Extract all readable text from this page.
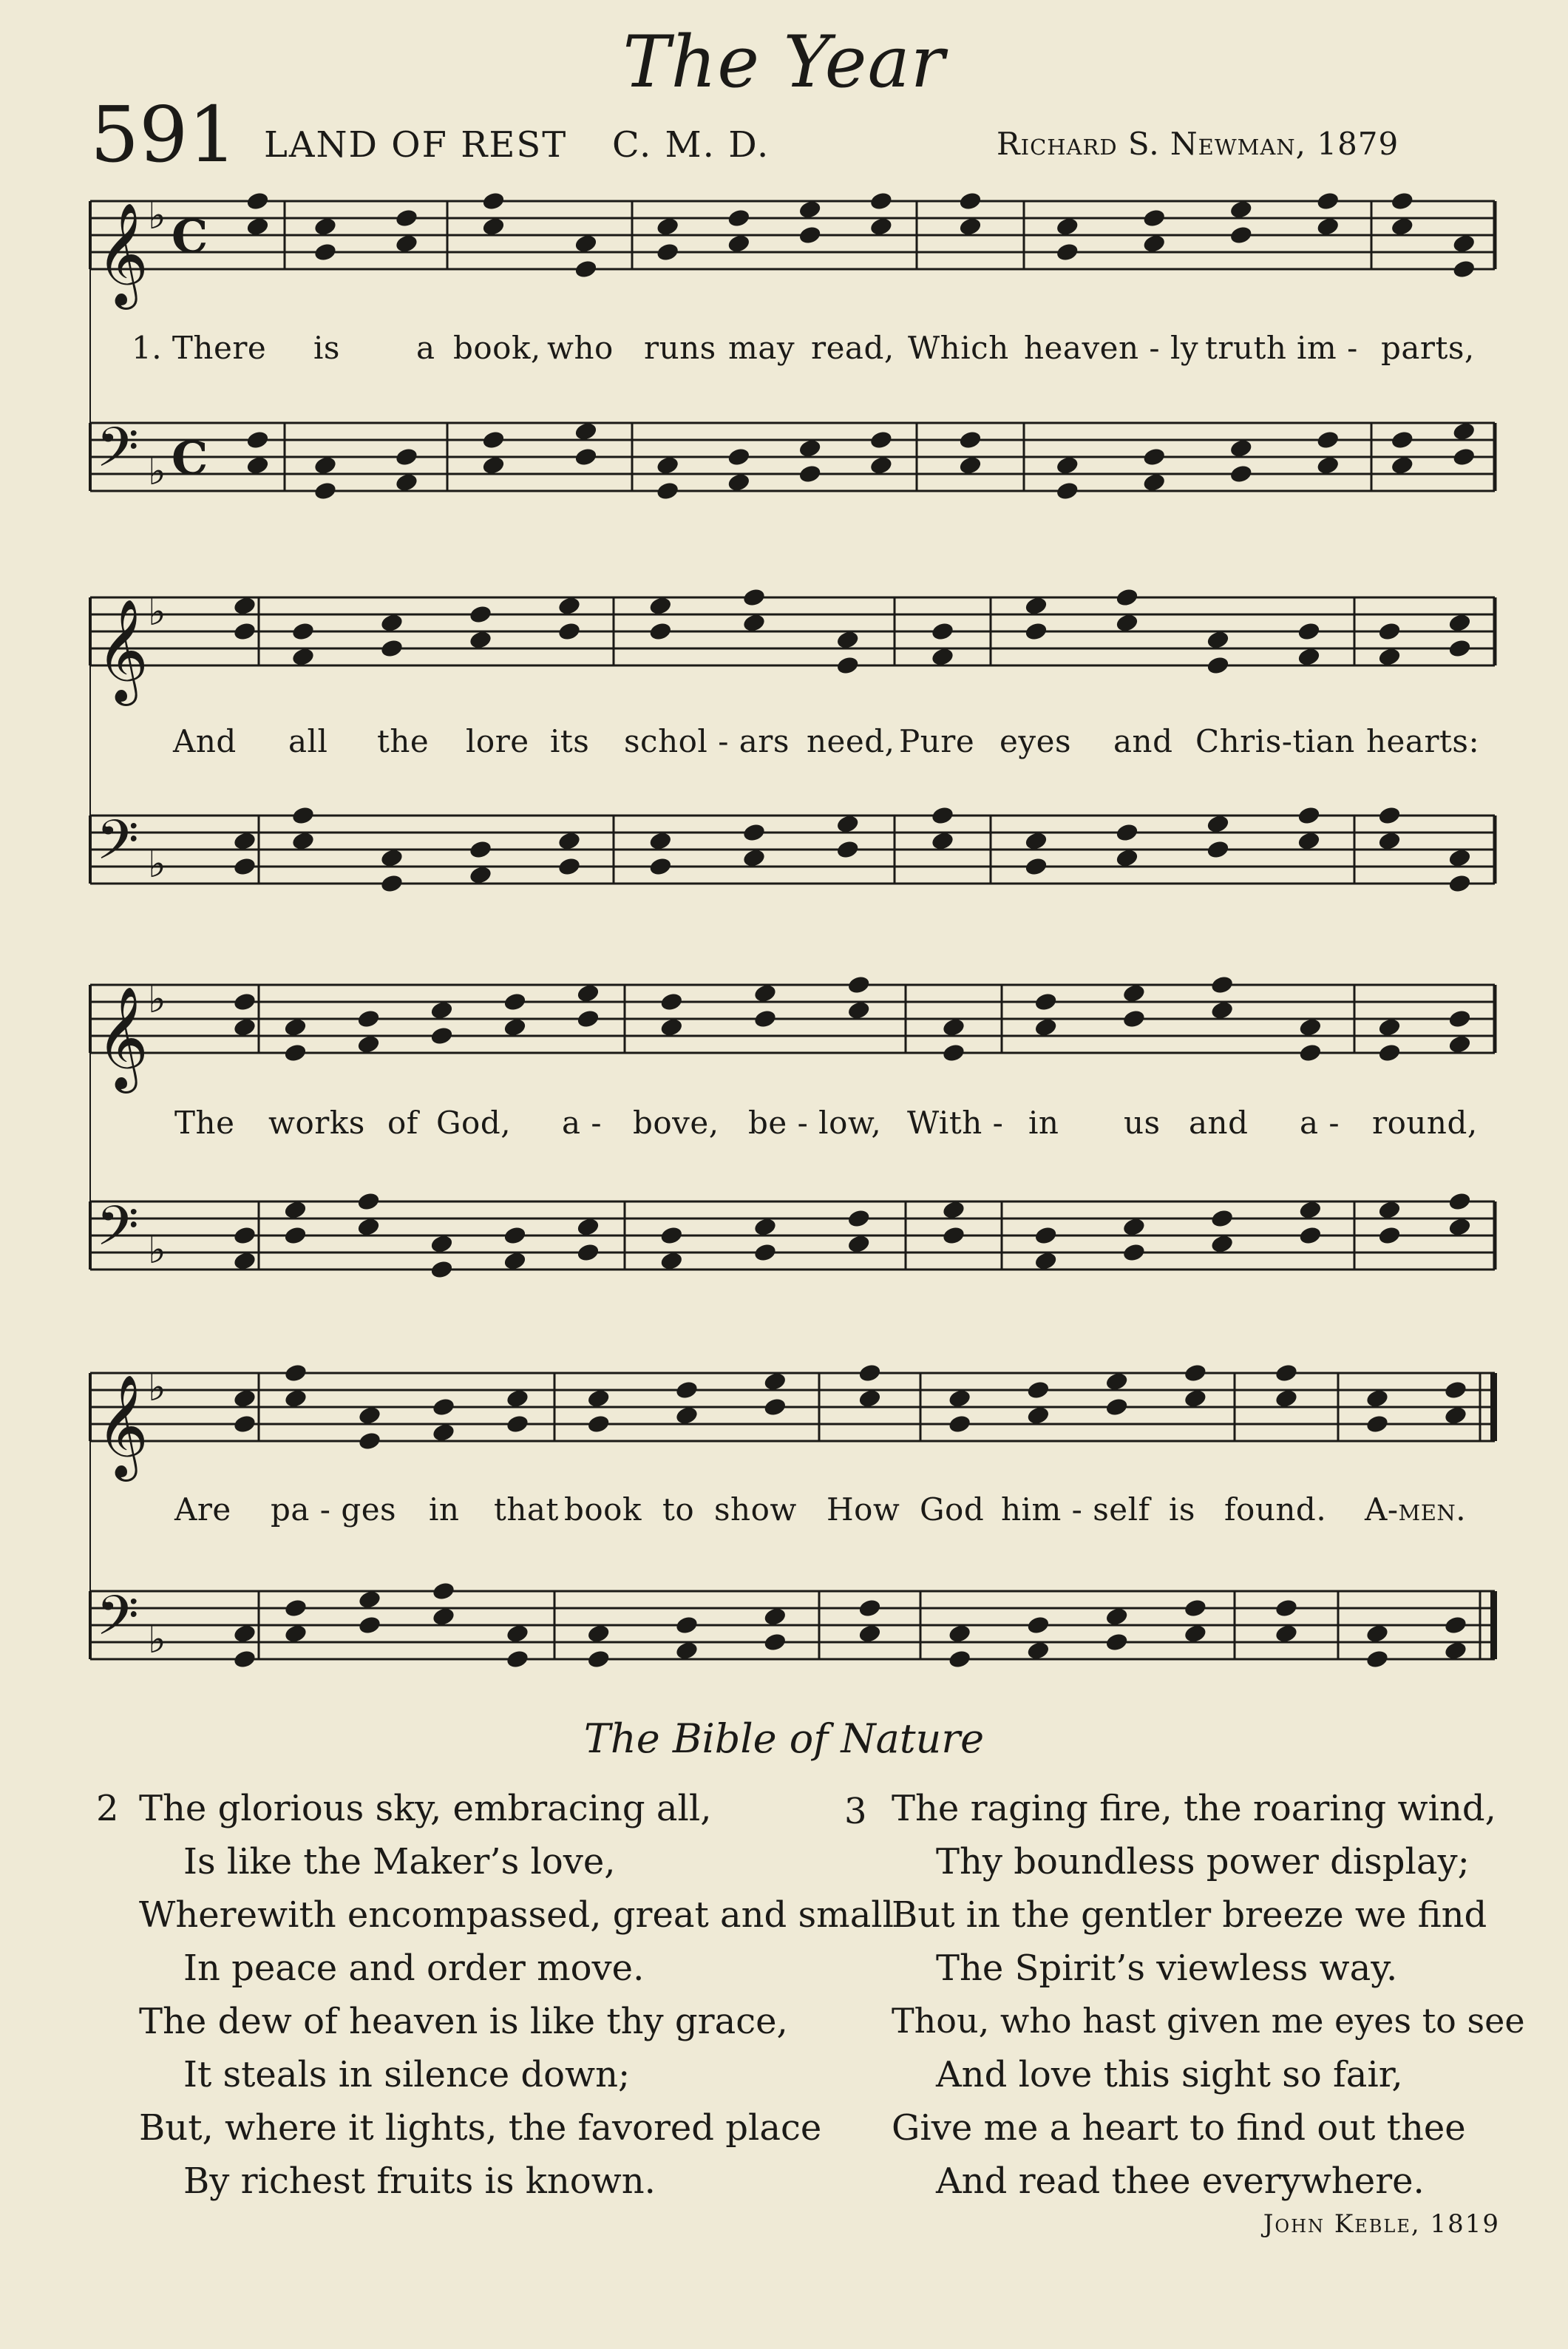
The Year
591 LAND OF REST C. M. D.	Richard S. Newman, 1879
𝄞 ♭ C
𝄢 ♭ C
𝄞 ♭
𝄢 ♭
𝄞 ♭
𝄢 ♭
𝄞 ♭
𝄢 ♭
1. There is a book, who runs may read, Which heaven - ly truth im - parts,
And all the lore its schol - ars need, Pure eyes and Chris-tian hearts:
The works of God, a - bove, be - low, With - in us and a - round,
Are pa - ges in that book to show How God him - self is found. A-men.
The Bible of Nature
2 The glorious sky, embracing all,
Is like the Maker’s love,
Wherewith encompassed, great and small
In peace and order move.
The dew of heaven is like thy grace,
It steals in silence down;
But, where it lights, the favored place
By richest fruits is known.
3 The raging fire, the roaring wind,
Thy boundless power display;
But in the gentler breeze we find
The Spirit’s viewless way.
Thou, who hast given me eyes to see
And love this sight so fair,
Give me a heart to find out thee
And read thee everywhere.
John Keble, 1819
